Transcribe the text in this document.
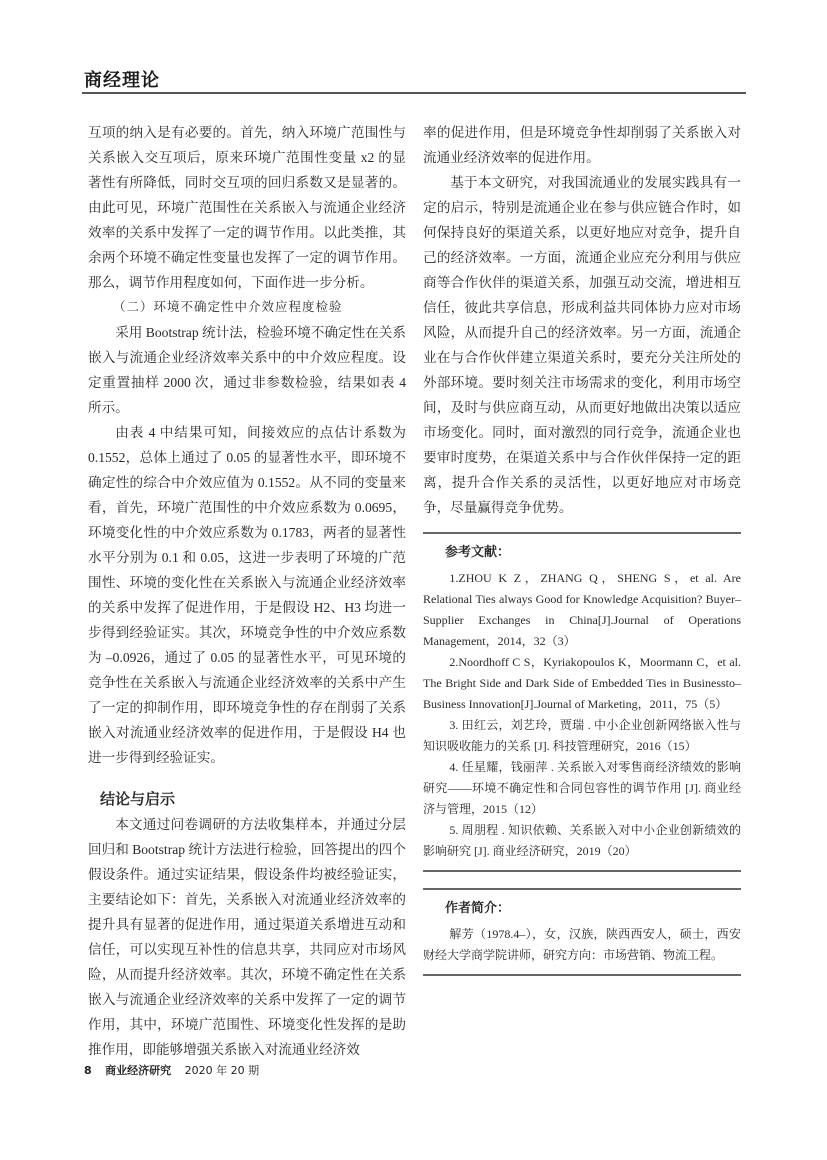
商经理论

互项的纳入是有必要的。首先，纳入环境广范围性与关系嵌入交互项后，原来环境广范围性变量 x2 的显著性有所降低，同时交互项的回归系数又是显著的。由此可见，环境广范围性在关系嵌入与流通企业经济效率的关系中发挥了一定的调节作用。以此类推，其余两个环境不确定性变量也发挥了一定的调节作用。那么，调节作用程度如何，下面作进一步分析。

（二）环境不确定性中介效应程度检验

采用 Bootstrap 统计法，检验环境不确定性在关系嵌入与流通企业经济效率关系中的中介效应程度。设定重置抽样 2000 次，通过非参数检验，结果如表 4 所示。

由表 4 中结果可知，间接效应的点估计系数为 0.1552，总体上通过了 0.05 的显著性水平，即环境不确定性的综合中介效应值为 0.1552。从不同的变量来看，首先，环境广范围性的中介效应系数为 0.0695，环境变化性的中介效应系数为 0.1783，两者的显著性水平分别为 0.1 和 0.05，这进一步表明了环境的广范围性、环境的变化性在关系嵌入与流通企业经济效率的关系中发挥了促进作用，于是假设 H2、H3 均进一步得到经验证实。其次，环境竞争性的中介效应系数为 –0.0926，通过了 0.05 的显著性水平，可见环境的竞争性在关系嵌入与流通企业经济效率的关系中产生了一定的抑制作用，即环境竞争性的存在削弱了关系嵌入对流通业经济效率的促进作用，于是假设 H4 也进一步得到经验证实。

结论与启示

本文通过问卷调研的方法收集样本，并通过分层回归和 Bootstrap 统计方法进行检验，回答提出的四个假设条件。通过实证结果，假设条件均被经验证实，主要结论如下：首先，关系嵌入对流通业经济效率的提升具有显著的促进作用，通过渠道关系增进互动和信任，可以实现互补性的信息共享，共同应对市场风险，从而提升经济效率。其次，环境不确定性在关系嵌入与流通企业经济效率的关系中发挥了一定的调节作用，其中，环境广范围性、环境变化性发挥的是助推作用，即能够增强关系嵌入对流通业经济效

率的促进作用，但是环境竞争性却削弱了关系嵌入对流通业经济效率的促进作用。

基于本文研究，对我国流通业的发展实践具有一定的启示，特别是流通企业在参与供应链合作时，如何保持良好的渠道关系，以更好地应对竞争，提升自己的经济效率。一方面，流通企业应充分利用与供应商等合作伙伴的渠道关系，加强互动交流，增进相互信任，彼此共享信息，形成利益共同体协力应对市场风险，从而提升自己的经济效率。另一方面，流通企业在与合作伙伴建立渠道关系时，要充分关注所处的外部环境。要时刻关注市场需求的变化，利用市场空间，及时与供应商互动，从而更好地做出决策以适应市场变化。同时，面对激烈的同行竞争，流通企业也要审时度势，在渠道关系中与合作伙伴保持一定的距离，提升合作关系的灵活性，以更好地应对市场竞争，尽量赢得竞争优势。

参考文献：

1.ZHOU K Z，ZHANG Q，SHENG S，et al. Are Relational Ties always Good for Knowledge Acquisition? Buyer–Supplier Exchanges in China[J].Journal of Operations Management，2014，32（3）

2.Noordhoff C S，Kyriakopoulos K，Moormann C，et al. The Bright Side and Dark Side of Embedded Ties in Businessto–Business Innovation[J].Journal of Marketing，2011，75（5）

3. 田红云，刘艺玲，贾瑞 . 中小企业创新网络嵌入性与知识吸收能力的关系 [J]. 科技管理研究，2016（15）

4. 任星耀，钱丽萍 . 关系嵌入对零售商经济绩效的影响研究——环境不确定性和合同包容性的调节作用 [J]. 商业经济与管理，2015（12）

5. 周朋程 . 知识依赖、关系嵌入对中小企业创新绩效的影响研究 [J]. 商业经济研究，2019（20）

作者简介：

解芳（1978.4–），女，汉族，陕西西安人，硕士，西安财经大学商学院讲师，研究方向：市场营销、物流工程。

8 商业经济研究 2020 年 20 期
